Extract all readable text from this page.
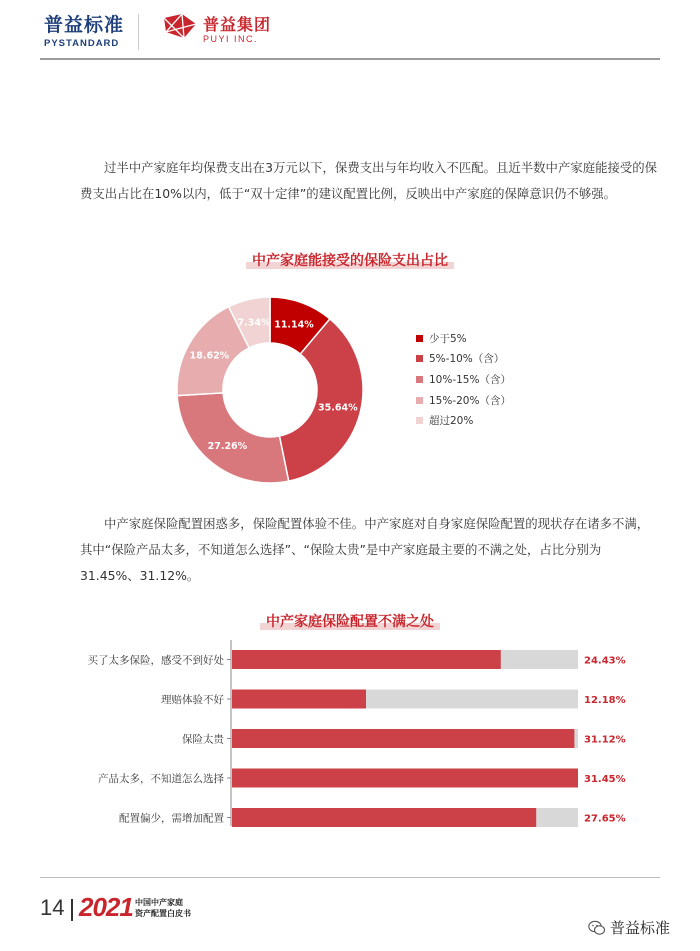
普益标准
PYSTANDARD
普益集团
PUYI INC.
过半中产家庭年均保费支出在3万元以下，保费支出与年均收入不匹配。且近半数中产家庭能接受的保费支出占比在10%以内，低于“双十定律”的建议配置比例，反映出中产家庭的保障意识仍不够强。
中产家庭能接受的保险支出占比
11.14%
35.64%
27.26%
18.62%
7.34%
少于5%
5%-10%（含）
10%-15%（含）
15%-20%（含）
超过20%
中产家庭保险配置困惑多，保险配置体验不佳。中产家庭对自身家庭保险配置的现状存在诸多不满，其中“保险产品太多，不知道怎么选择”、“保险太贵”是中产家庭最主要的不满之处，占比分别为31.45%、31.12%。
中产家庭保险配置不满之处
买了太多保险，感受不到好处	24.43%
理赔体验不好	12.18%
保险太贵	31.12%
产品太多，不知道怎么选择	31.45%
配置偏少，需增加配置	27.65%
14 2021 中国中产家庭
资产配置白皮书
普益标准
